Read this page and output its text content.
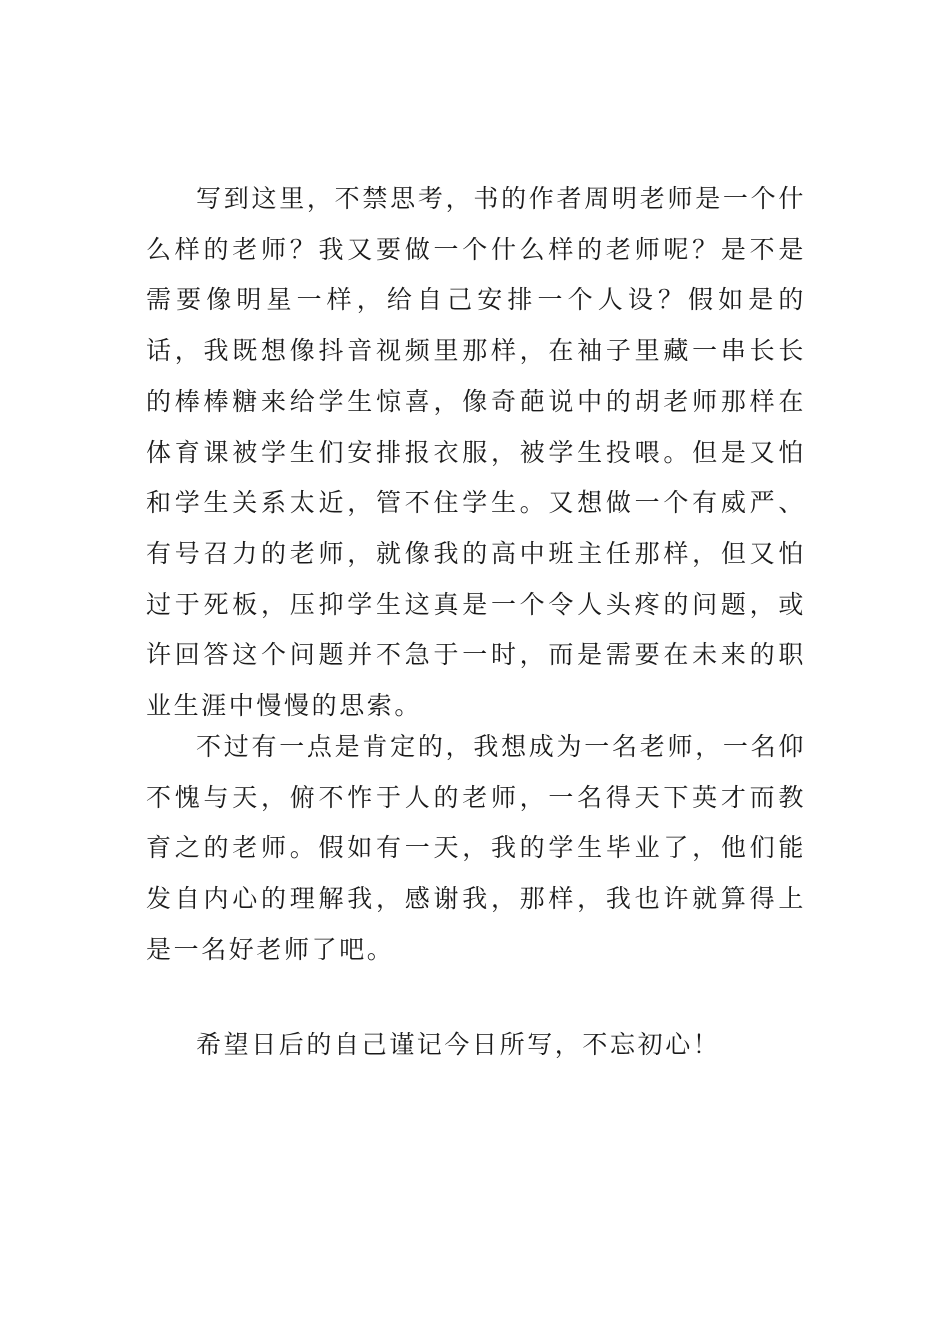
写到这里，不禁思考，书的作者周明老师是一个什么样的老师？我又要做一个什么样的老师呢？是不是需要像明星一样，给自己安排一个人设？假如是的话，我既想像抖音视频里那样，在袖子里藏一串长长的棒棒糖来给学生惊喜，像奇葩说中的胡老师那样在体育课被学生们安排报衣服，被学生投喂。但是又怕和学生关系太近，管不住学生。又想做一个有威严、有号召力的老师，就像我的高中班主任那样，但又怕过于死板，压抑学生这真是一个令人头疼的问题，或许回答这个问题并不急于一时，而是需要在未来的职业生涯中慢慢的思索。

不过有一点是肯定的，我想成为一名老师，一名仰不愧与天，俯不怍于人的老师，一名得天下英才而教育之的老师。假如有一天，我的学生毕业了，他们能发自内心的理解我，感谢我，那样，我也许就算得上是一名好老师了吧。

希望日后的自己谨记今日所写，不忘初心！
